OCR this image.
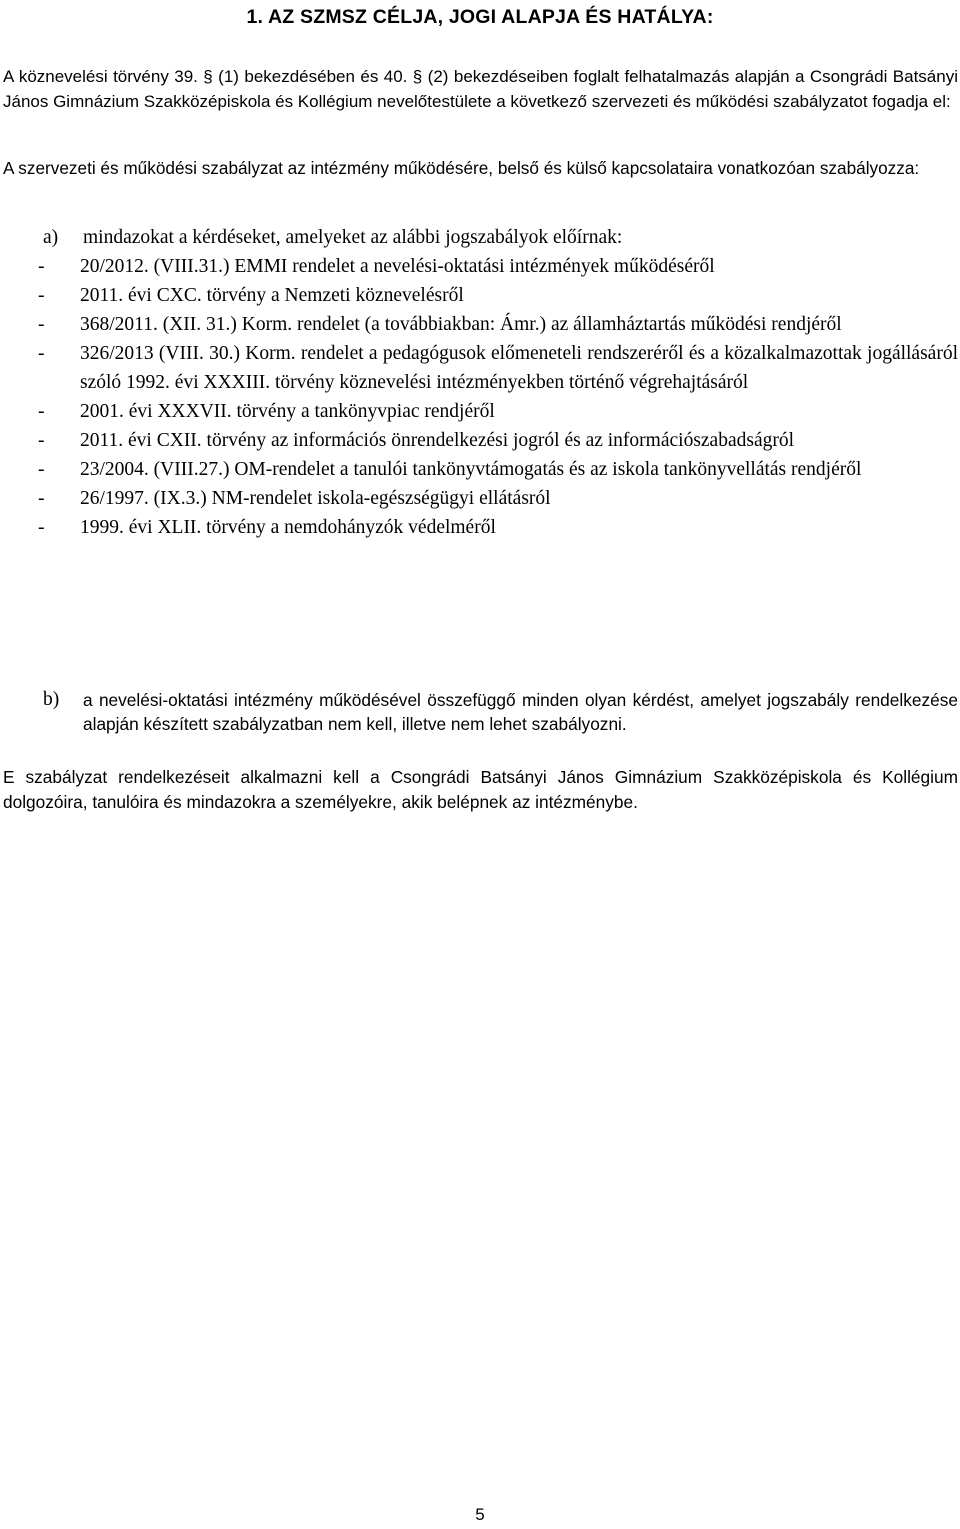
1. AZ SZMSZ CÉLJA, JOGI ALAPJA ÉS HATÁLYA:
A köznevelési törvény 39. § (1) bekezdésében és 40. § (2) bekezdéseiben foglalt felhatalmazás alapján a Csongrádi Batsányi János Gimnázium Szakközépiskola és Kollégium nevelőtestülete a következő szervezeti és működési szabályzatot fogadja el:
A szervezeti és működési szabályzat az intézmény működésére, belső és külső kapcsolataira vonatkozóan szabályozza:
a)	mindazokat a kérdéseket, amelyeket az alábbi jogszabályok előírnak:
-	20/2012. (VIII.31.) EMMI rendelet a nevelési-oktatási intézmények működéséről
-	2011. évi CXC. törvény a Nemzeti köznevelésről
-	368/2011. (XII. 31.) Korm. rendelet (a továbbiakban: Ámr.) az államháztartás működési rendjéről
-	326/2013 (VIII. 30.) Korm. rendelet a pedagógusok előmeneteli rendszeréről és a közalkalmazottak jogállásáról szóló 1992. évi XXXIII. törvény köznevelési intézményekben történő végrehajtásáról
-	2001. évi XXXVII. törvény a tankönyvpiac rendjéről
-	2011. évi CXII. törvény az információs önrendelkezési jogról és az információszabadságról
-	23/2004. (VIII.27.) OM-rendelet a tanulói tankönyvtámogatás és az iskola tankönyvellátás rendjéről
-	26/1997. (IX.3.) NM-rendelet iskola-egészségügyi ellátásról
-	1999. évi XLII. törvény a nemdohányzók védelméről
b)	a nevelési-oktatási intézmény működésével összefüggő minden olyan kérdést, amelyet jogszabály rendelkezése alapján készített szabályzatban nem kell, illetve nem lehet szabályozni.
E szabályzat rendelkezéseit alkalmazni kell a Csongrádi Batsányi János Gimnázium Szakközépiskola és Kollégium dolgozóira, tanulóira és mindazokra a személyekre, akik belépnek az intézménybe.
5
